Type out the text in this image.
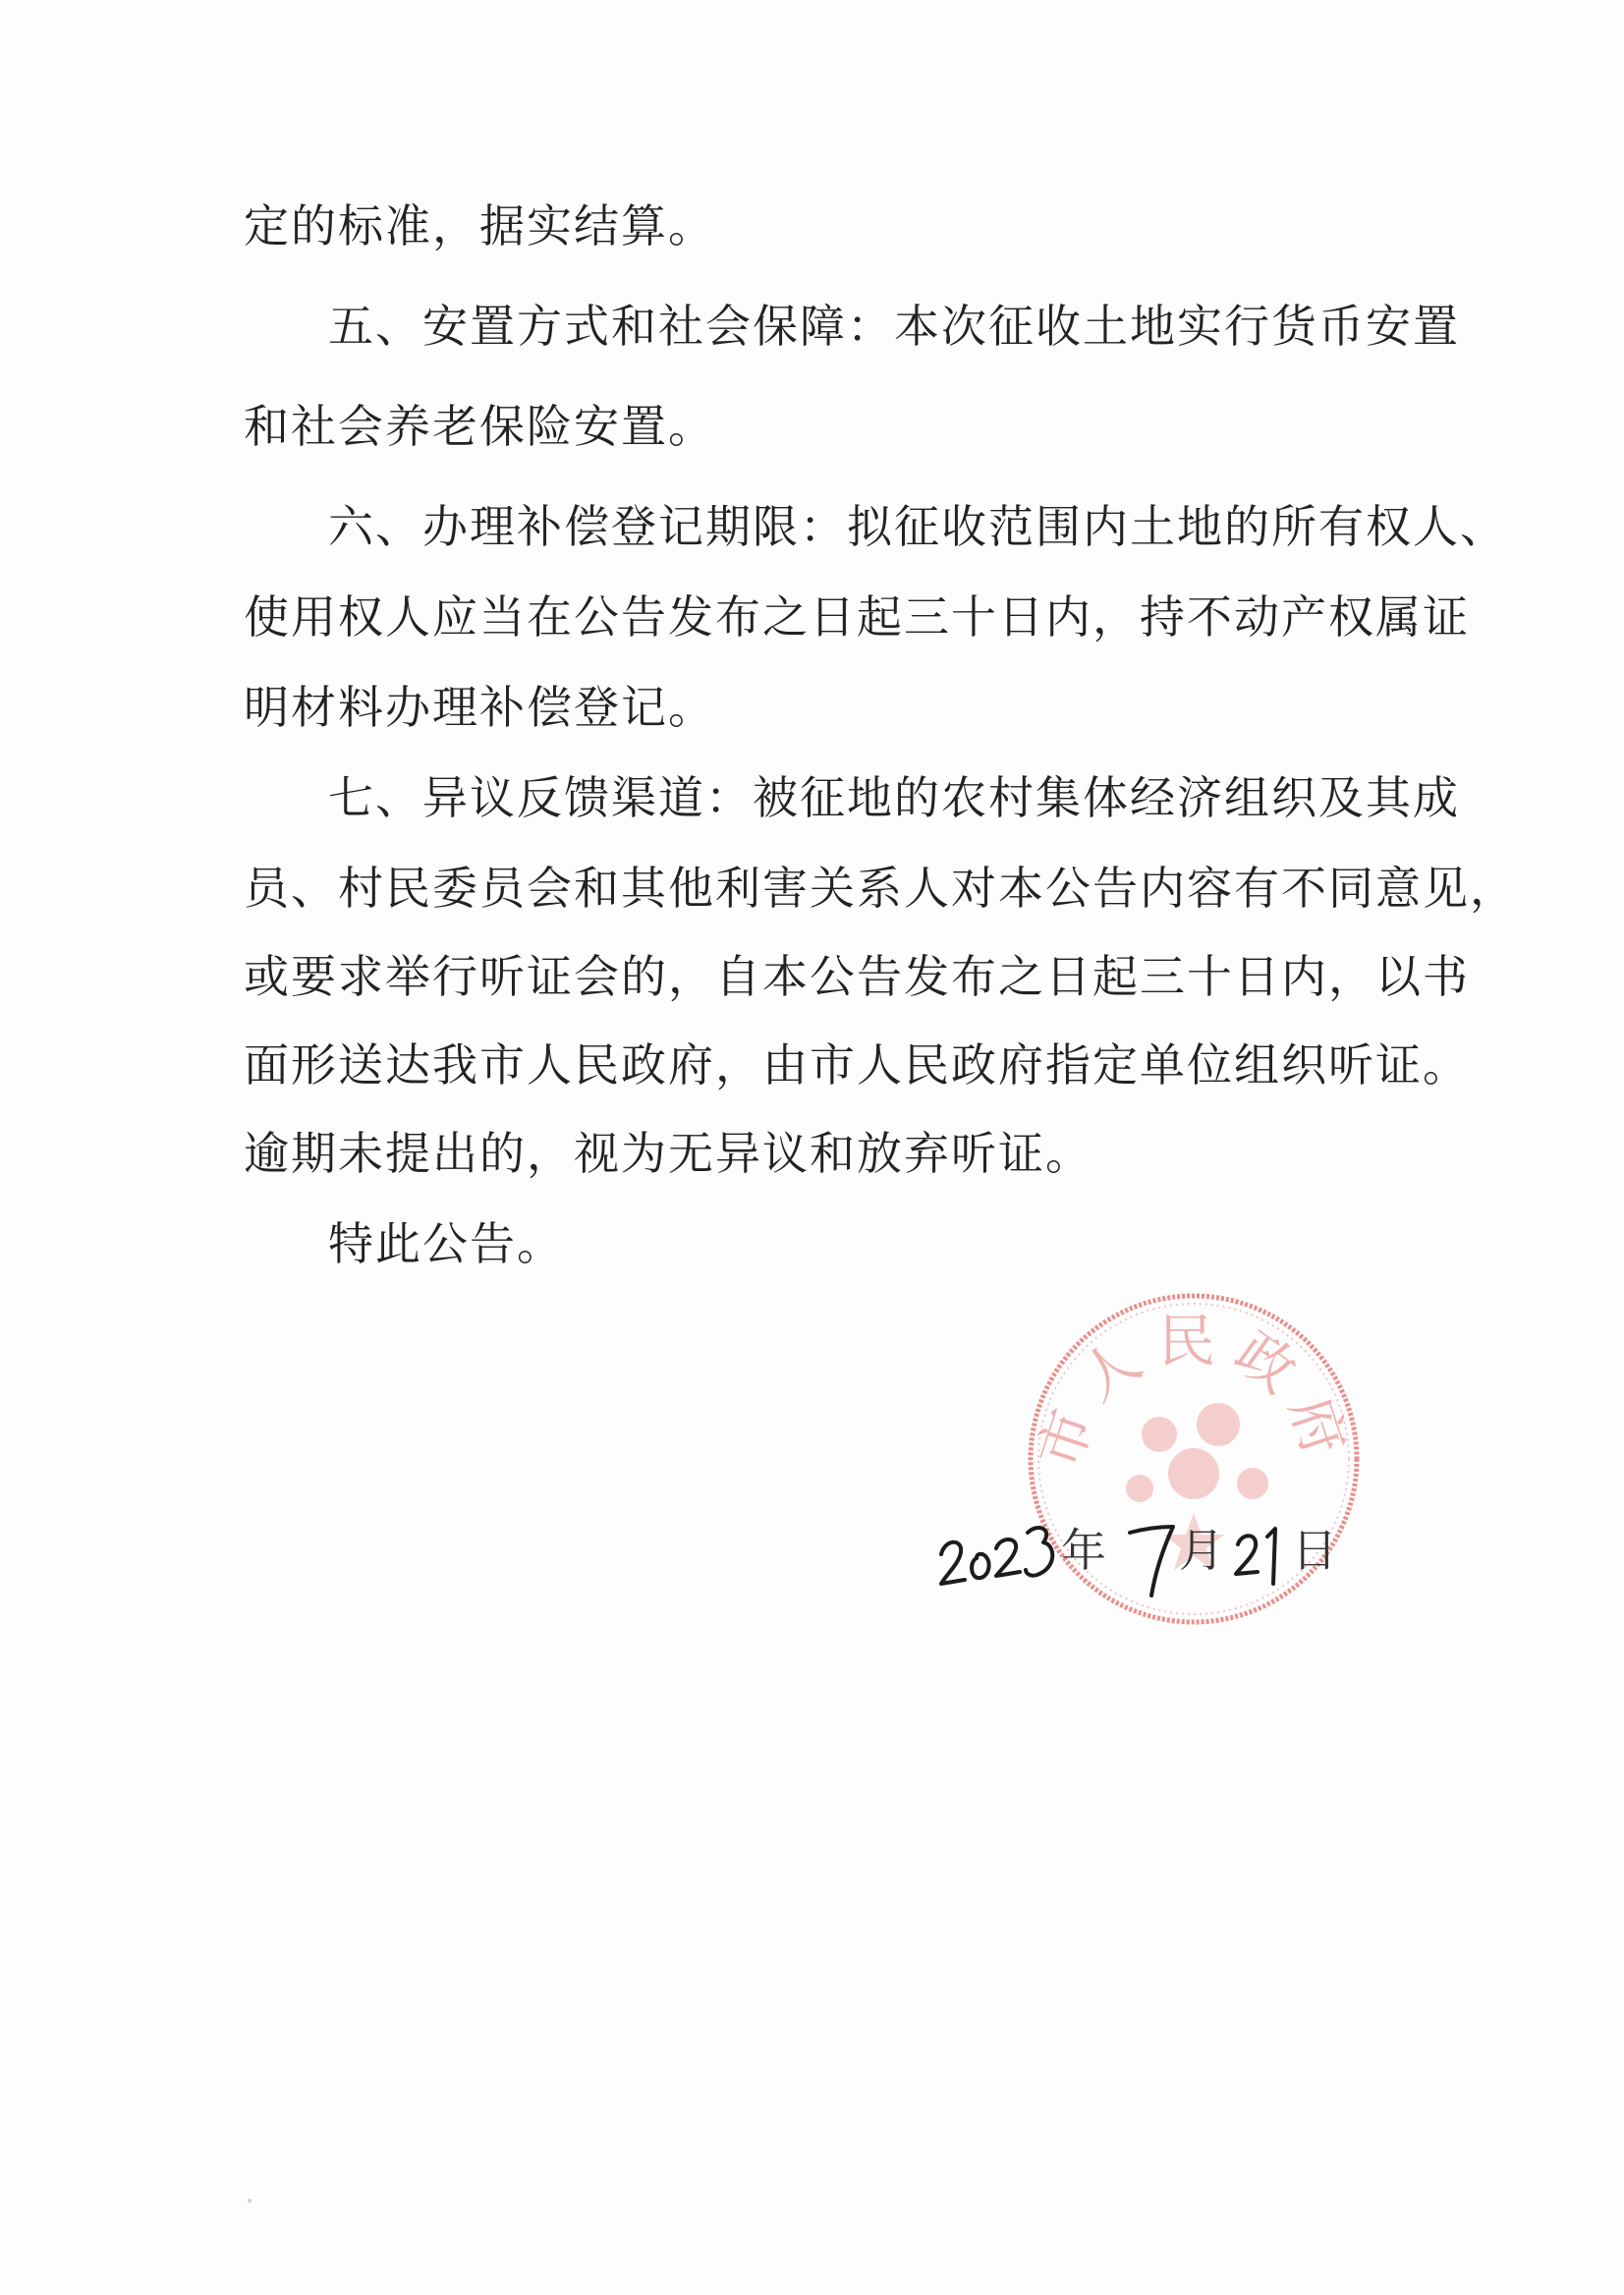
定的标准，据实结算。
五、安置方式和社会保障：本次征收土地实行货币安置
和社会养老保险安置。
六、办理补偿登记期限：拟征收范围内土地的所有权人、
使用权人应当在公告发布之日起三十日内，持不动产权属证
明材料办理补偿登记。
七、异议反馈渠道：被征地的农村集体经济组织及其成
员、村民委员会和其他利害关系人对本公告内容有不同意见，
或要求举行听证会的，自本公告发布之日起三十日内，以书
面形送达我市人民政府，由市人民政府指定单位组织听证。
逾期未提出的，视为无异议和放弃听证。
特此公告。
市人民政府
年 月 日
